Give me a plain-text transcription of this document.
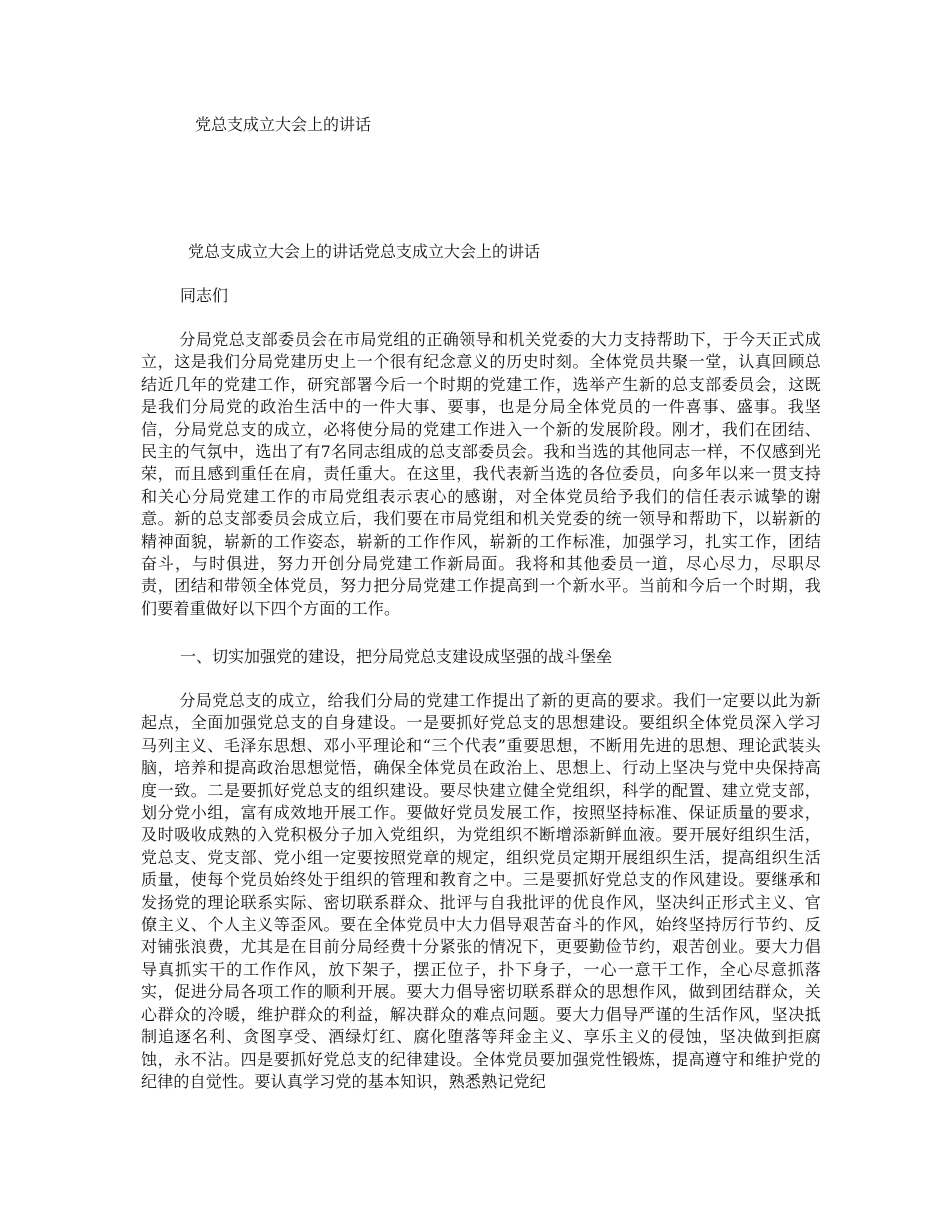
党总支成立大会上的讲话
党总支成立大会上的讲话党总支成立大会上的讲话
同志们
分局党总支部委员会在市局党组的正确领导和机关党委的大力支持帮助下，于今天正式成立，这是我们分局党建历史上一个很有纪念意义的历史时刻。全体党员共聚一堂，认真回顾总结近几年的党建工作，研究部署今后一个时期的党建工作，选举产生新的总支部委员会，这既是我们分局党的政治生活中的一件大事、要事，也是分局全体党员的一件喜事、盛事。我坚信，分局党总支的成立，必将使分局的党建工作进入一个新的发展阶段。刚才，我们在团结、民主的气氛中，选出了有7名同志组成的总支部委员会。我和当选的其他同志一样，不仅感到光荣，而且感到重任在肩，责任重大。在这里，我代表新当选的各位委员，向多年以来一贯支持和关心分局党建工作的市局党组表示衷心的感谢，对全体党员给予我们的信任表示诚挚的谢意。新的总支部委员会成立后，我们要在市局党组和机关党委的统一领导和帮助下，以崭新的精神面貌，崭新的工作姿态，崭新的工作作风，崭新的工作标准，加强学习，扎实工作，团结奋斗，与时俱进，努力开创分局党建工作新局面。我将和其他委员一道，尽心尽力，尽职尽责，团结和带领全体党员，努力把分局党建工作提高到一个新水平。当前和今后一个时期，我们要着重做好以下四个方面的工作。
一、切实加强党的建设，把分局党总支建设成坚强的战斗堡垒
分局党总支的成立，给我们分局的党建工作提出了新的更高的要求。我们一定要以此为新起点，全面加强党总支的自身建设。一是要抓好党总支的思想建设。要组织全体党员深入学习马列主义、毛泽东思想、邓小平理论和“三个代表”重要思想，不断用先进的思想、理论武装头脑，培养和提高政治思想觉悟，确保全体党员在政治上、思想上、行动上坚决与党中央保持高度一致。二是要抓好党总支的组织建设。要尽快建立健全党组织，科学的配置、建立党支部，划分党小组，富有成效地开展工作。要做好党员发展工作，按照坚持标准、保证质量的要求，及时吸收成熟的入党积极分子加入党组织，为党组织不断增添新鲜血液。要开展好组织生活，党总支、党支部、党小组一定要按照党章的规定，组织党员定期开展组织生活，提高组织生活质量，使每个党员始终处于组织的管理和教育之中。三是要抓好党总支的作风建设。要继承和发扬党的理论联系实际、密切联系群众、批评与自我批评的优良作风，坚决纠正形式主义、官僚主义、个人主义等歪风。要在全体党员中大力倡导艰苦奋斗的作风，始终坚持厉行节约、反对铺张浪费，尤其是在目前分局经费十分紧张的情况下，更要勤俭节约，艰苦创业。要大力倡导真抓实干的工作作风，放下架子，摆正位子，扑下身子，一心一意干工作，全心尽意抓落实，促进分局各项工作的顺利开展。要大力倡导密切联系群众的思想作风，做到团结群众，关心群众的冷暖，维护群众的利益，解决群众的难点问题。要大力倡导严谨的生活作风，坚决抵制追逐名利、贪图享受、酒绿灯红、腐化堕落等拜金主义、享乐主义的侵蚀，坚决做到拒腐蚀，永不沾。四是要抓好党总支的纪律建设。全体党员要加强党性锻炼，提高遵守和维护党的纪律的自觉性。要认真学习党的基本知识，熟悉熟记党纪
